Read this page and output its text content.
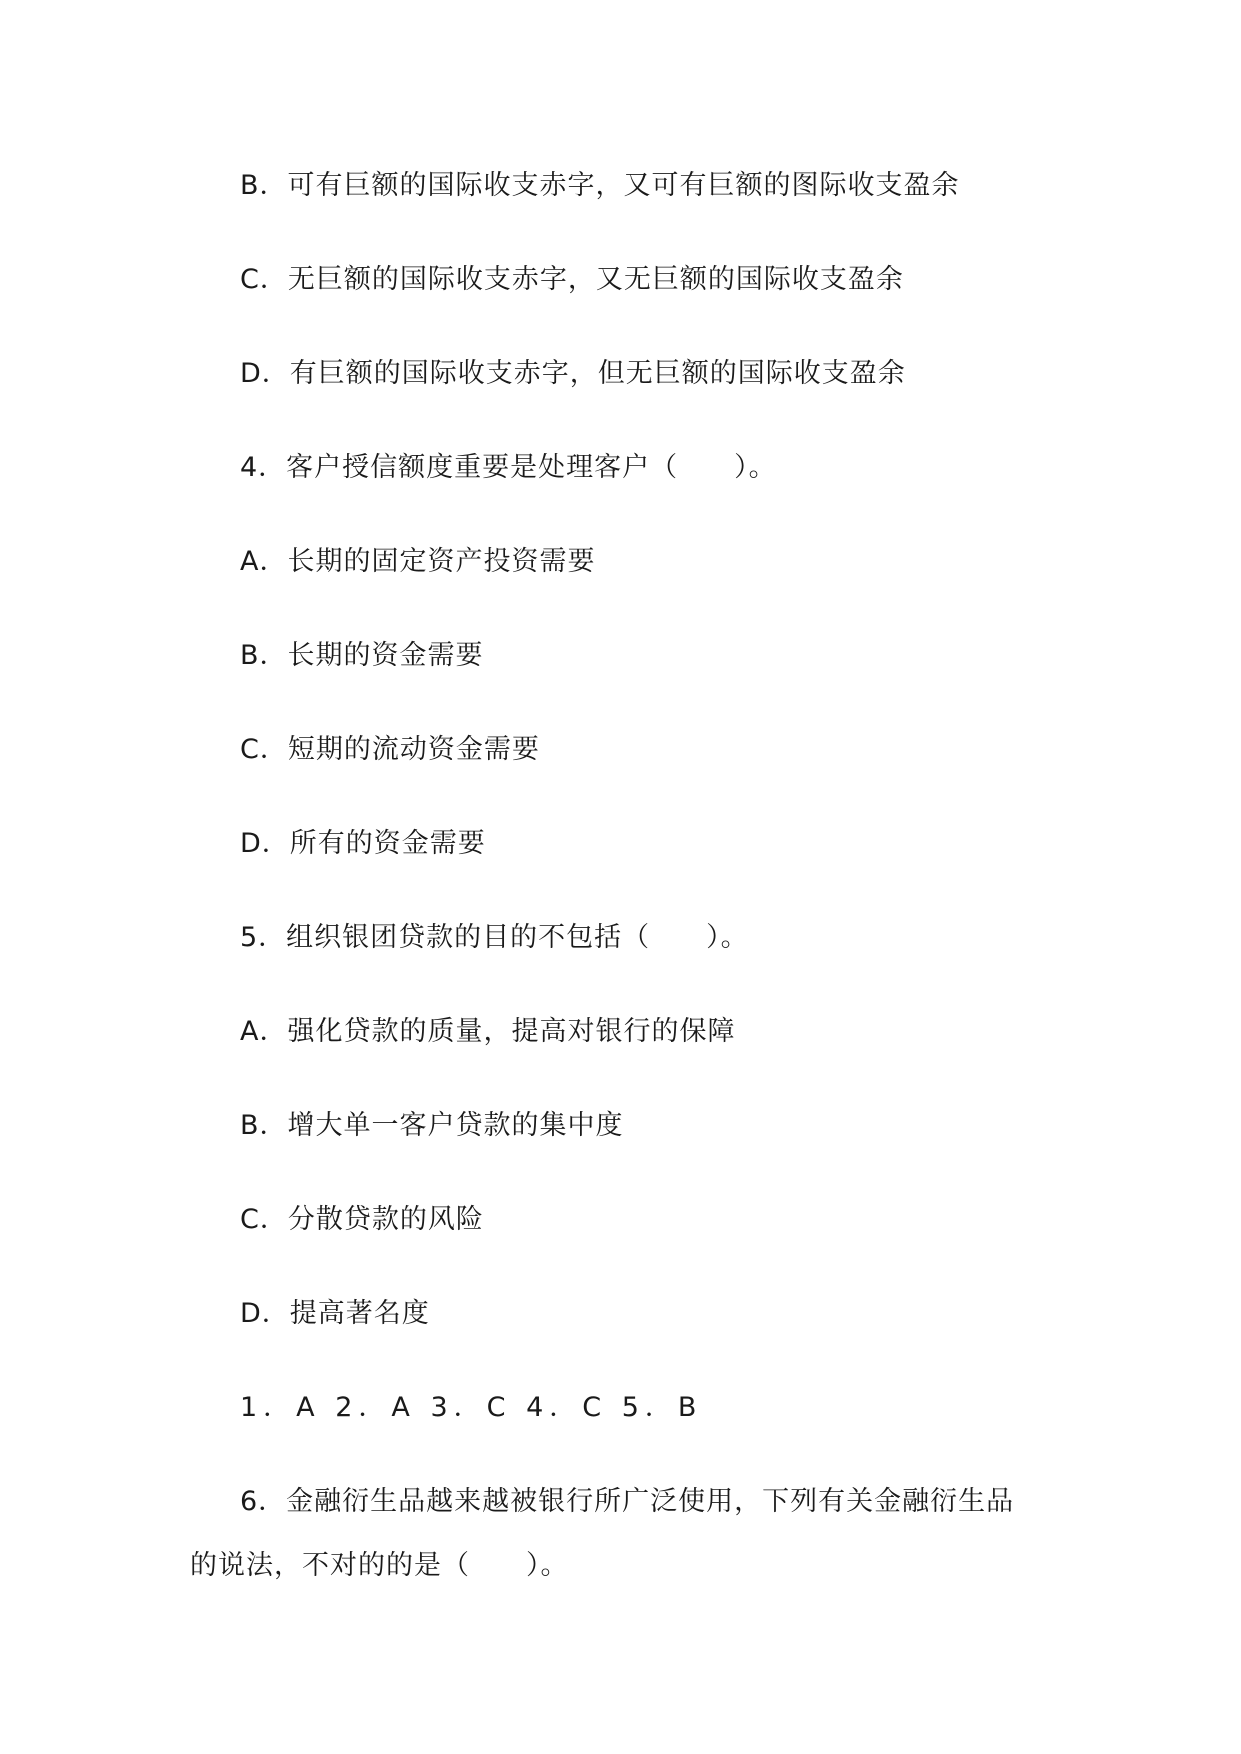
B．可有巨额的国际收支赤字，又可有巨额的图际收支盈余
C．无巨额的国际收支赤字，又无巨额的国际收支盈余
D．有巨额的国际收支赤字，但无巨额的国际收支盈余
4．客户授信额度重要是处理客户（　　）。
A．长期的固定资产投资需要
B．长期的资金需要
C．短期的流动资金需要
D．所有的资金需要
5．组织银团贷款的目的不包括（　　）。
A．强化贷款的质量，提高对银行的保障
B．增大单一客户贷款的集中度
C．分散贷款的风险
D．提高著名度
1．A 2．A 3．C 4．C 5．B
6．金融衍生品越来越被银行所广泛使用，下列有关金融衍生品
的说法，不对的的是（　　）。
